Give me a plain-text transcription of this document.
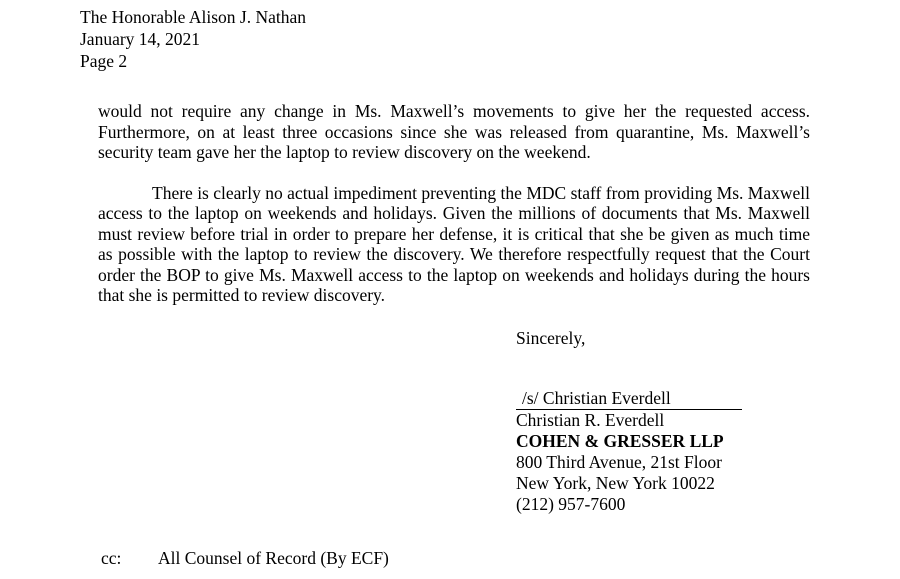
The Honorable Alison J. Nathan
January 14, 2021
Page 2

would not require any change in Ms. Maxwell’s movements to give her the requested access. Furthermore, on at least three occasions since she was released from quarantine, Ms. Maxwell’s security team gave her the laptop to review discovery on the weekend.

There is clearly no actual impediment preventing the MDC staff from providing Ms. Maxwell access to the laptop on weekends and holidays. Given the millions of documents that Ms. Maxwell must review before trial in order to prepare her defense, it is critical that she be given as much time as possible with the laptop to review the discovery. We therefore respectfully request that the Court order the BOP to give Ms. Maxwell access to the laptop on weekends and holidays during the hours that she is permitted to review discovery.

Sincerely,
/s/ Christian Everdell
Christian R. Everdell
COHEN & GRESSER LLP
800 Third Avenue, 21st Floor
New York, New York 10022
(212) 957-7600
cc: All Counsel of Record (By ECF)
